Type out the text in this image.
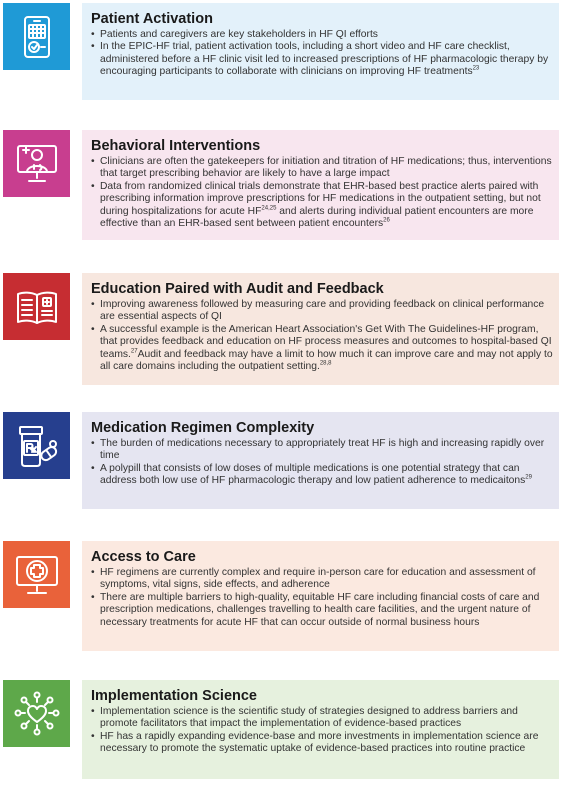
Patient Activation
• Patients and caregivers are key stakeholders in HF QI efforts
• In the EPIC-HF trial, patient activation tools, including a short video and HF care checklist, administered before a HF clinic visit led to increased prescriptions of HF pharmacologic therapy by encouraging participants to collaborate with clinicians on improving HF treatments$^{23}$
Behavioral Interventions
• Clinicians are often the gatekeepers for initiation and titration of HF medications; thus, interventions that target prescribing behavior are likely to have a large impact
• Data from randomized clinical trials demonstrate that EHR-based best practice alerts paired with prescribing information improve prescriptions for HF medications in the outpatient setting, but not during hospitalizations for acute HF$^{24,25}$ and alerts during individual patient encounters are more effective than an EHR-based sent between patient encounters$^{26}$
Education Paired with Audit and Feedback
• Improving awareness followed by measuring care and providing feedback on clinical performance are essential aspects of QI
• A successful example is the American Heart Association's Get With The Guidelines-HF program, that provides feedback and education on HF process measures and outcomes to hospital-based QI teams.$^{27}$Audit and feedback may have a limit to how much it can improve care and may not apply to all care domains including the outpatient setting.$^{28,8}$
Medication Regimen Complexity
• The burden of medications necessary to appropriately treat HF is high and increasing rapidly over time
• A polypill that consists of low doses of multiple medications is one potential strategy that can address both low use of HF pharmacologic therapy and low patient adherence to medicaitons$^{29}$
Access to Care
• HF regimens are currently complex and require in-person care for education and assessment of symptoms, vital signs, side effects, and adherence
• There are multiple barriers to high-quality, equitable HF care including financial costs of care and prescription medications, challenges travelling to health care facilities, and the urgent nature of necessary treatments for acute HF that can occur outside of normal business hours
Implementation Science
• Implementation science is the scientific study of strategies designed to address barriers and promote facilitators that impact the implementation of evidence-based practices
• HF has a rapidly expanding evidence-base and more investments in implementation science are necessary to promote the systematic uptake of evidence-based practices into routine practice
